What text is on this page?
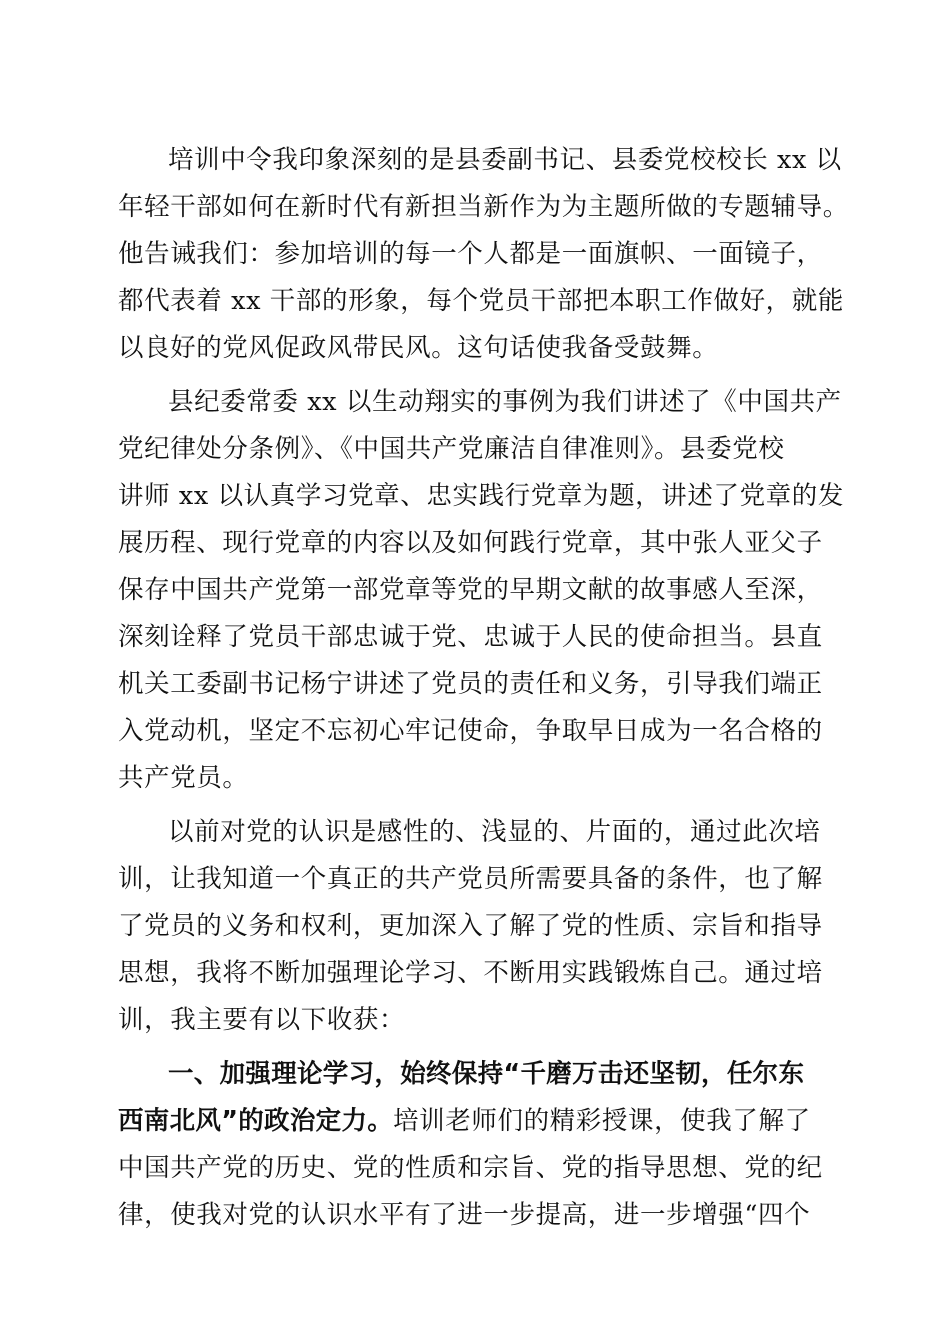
培训中令我印象深刻的是县委副书记、县委党校校长 xx 以
年轻干部如何在新时代有新担当新作为为主题所做的专题辅导。
他告诫我们：参加培训的每一个人都是一面旗帜、一面镜子，
都代表着 xx 干部的形象，每个党员干部把本职工作做好，就能
以良好的党风促政风带民风。这句话使我备受鼓舞。
县纪委常委 xx 以生动翔实的事例为我们讲述了《中国共产
党纪律处分条例》、《中国共产党廉洁自律准则》。县委党校
讲师 xx 以认真学习党章、忠实践行党章为题，讲述了党章的发
展历程、现行党章的内容以及如何践行党章，其中张人亚父子
保存中国共产党第一部党章等党的早期文献的故事感人至深，
深刻诠释了党员干部忠诚于党、忠诚于人民的使命担当。县直
机关工委副书记杨宁讲述了党员的责任和义务，引导我们端正
入党动机，坚定不忘初心牢记使命，争取早日成为一名合格的
共产党员。
以前对党的认识是感性的、浅显的、片面的，通过此次培
训，让我知道一个真正的共产党员所需要具备的条件，也了解
了党员的义务和权利，更加深入了解了党的性质、宗旨和指导
思想，我将不断加强理论学习、不断用实践锻炼自己。通过培
训，我主要有以下收获：
一、加强理论学习，始终保持“千磨万击还坚韧，任尔东
西南北风”的政治定力。培训老师们的精彩授课，使我了解了
中国共产党的历史、党的性质和宗旨、党的指导思想、党的纪
律，使我对党的认识水平有了进一步提高，进一步增强“四个
